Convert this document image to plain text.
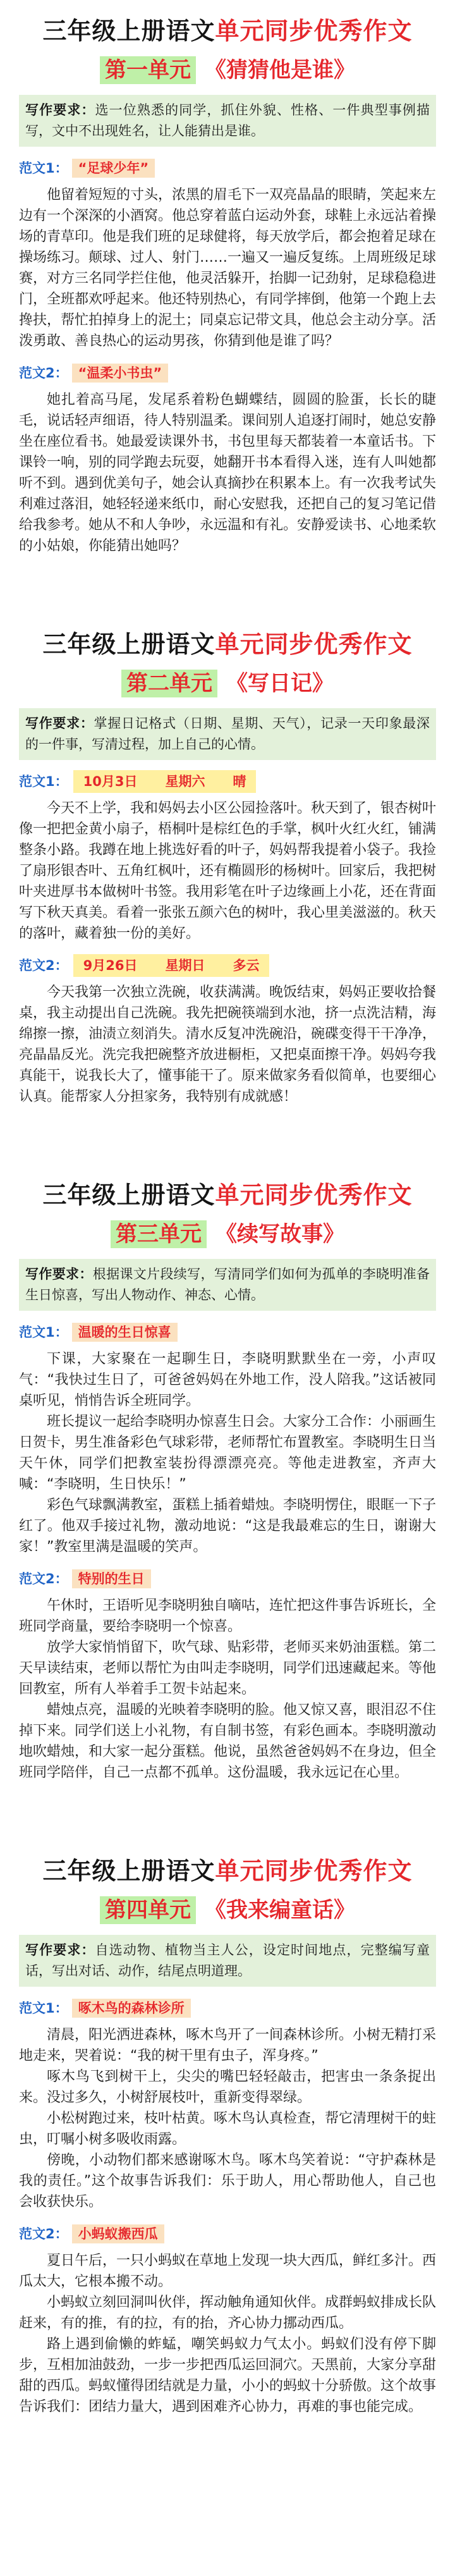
三年级上册语文单元同步优秀作文
第一单元 《猜猜他是谁》
写作要求：选一位熟悉的同学，抓住外貌、性格、一件典型事例描写，文中不出现姓名，让人能猜出是谁。
范文1： “足球少年”

他留着短短的寸头，浓黑的眉毛下一双亮晶晶的眼睛，笑起来左边有一个深深的小酒窝。他总穿着蓝白运动外套，球鞋上永远沾着操场的青草印。他是我们班的足球健将，每天放学后，都会抱着足球在操场练习。颠球、过人、射门……一遍又一遍反复练。上周班级足球赛，对方三名同学拦住他，他灵活躲开，抬脚一记劲射，足球稳稳进门，全班都欢呼起来。他还特别热心，有同学摔倒，他第一个跑上去搀扶，帮忙拍掉身上的泥土；同桌忘记带文具，他总会主动分享。活泼勇敢、善良热心的运动男孩，你猜到他是谁了吗？

范文2： “温柔小书虫”

她扎着高马尾，发尾系着粉色蝴蝶结，圆圆的脸蛋，长长的睫毛，说话轻声细语，待人特别温柔。课间别人追逐打闹时，她总安静坐在座位看书。她最爱读课外书，书包里每天都装着一本童话书。下课铃一响，别的同学跑去玩耍，她翻开书本看得入迷，连有人叫她都听不到。遇到优美句子，她会认真摘抄在积累本上。有一次我考试失利难过落泪，她轻轻递来纸巾，耐心安慰我，还把自己的复习笔记借给我参考。她从不和人争吵，永远温和有礼。安静爱读书、心地柔软的小姑娘，你能猜出她吗？

三年级上册语文单元同步优秀作文
第二单元 《写日记》
写作要求：掌握日记格式（日期、星期、天气），记录一天印象最深的一件事，写清过程，加上自己的心情。
范文1： 10月3日 星期六 晴

今天不上学，我和妈妈去小区公园捡落叶。秋天到了，银杏树叶像一把把金黄小扇子，梧桐叶是棕红色的手掌，枫叶火红火红，铺满整条小路。我蹲在地上挑选好看的叶子，妈妈帮我提着小袋子。我捡了扇形银杏叶、五角红枫叶，还有椭圆形的杨树叶。回家后，我把树叶夹进厚书本做树叶书签。我用彩笔在叶子边缘画上小花，还在背面写下秋天真美。看着一张张五颜六色的树叶，我心里美滋滋的。秋天的落叶，藏着独一份的美好。

范文2： 9月26日 星期日 多云

今天我第一次独立洗碗，收获满满。晚饭结束，妈妈正要收拾餐桌，我主动提出自己洗碗。我先把碗筷端到水池，挤一点洗洁精，海绵擦一擦，油渍立刻消失。清水反复冲洗碗沿，碗碟变得干干净净，亮晶晶反光。洗完我把碗整齐放进橱柜，又把桌面擦干净。妈妈夸我真能干，说我长大了，懂事能干了。原来做家务看似简单，也要细心认真。能帮家人分担家务，我特别有成就感！

三年级上册语文单元同步优秀作文
第三单元 《续写故事》
写作要求：根据课文片段续写，写清同学们如何为孤单的李晓明准备生日惊喜，写出人物动作、神态、心情。
范文1： 温暖的生日惊喜

下课，大家聚在一起聊生日，李晓明默默坐在一旁，小声叹气：“我快过生日了，可爸爸妈妈在外地工作，没人陪我。”这话被同桌听见，悄悄告诉全班同学。

班长提议一起给李晓明办惊喜生日会。大家分工合作：小丽画生日贺卡，男生准备彩色气球彩带，老师帮忙布置教室。李晓明生日当天午休，同学们把教室装扮得漂漂亮亮。等他走进教室，齐声大喊：“李晓明，生日快乐！”

彩色气球飘满教室，蛋糕上插着蜡烛。李晓明愣住，眼眶一下子红了。他双手接过礼物，激动地说：“这是我最难忘的生日，谢谢大家！”教室里满是温暖的笑声。

范文2： 特别的生日

午休时，王语听见李晓明独自嘀咕，连忙把这件事告诉班长，全班同学商量，要给李晓明一个惊喜。

放学大家悄悄留下，吹气球、贴彩带，老师买来奶油蛋糕。第二天早读结束，老师以帮忙为由叫走李晓明，同学们迅速藏起来。等他回教室，所有人举着手工贺卡站起来。

蜡烛点亮，温暖的光映着李晓明的脸。他又惊又喜，眼泪忍不住掉下来。同学们送上小礼物，有自制书签，有彩色画本。李晓明激动地吹蜡烛，和大家一起分蛋糕。他说，虽然爸爸妈妈不在身边，但全班同学陪伴，自己一点都不孤单。这份温暖，我永远记在心里。

三年级上册语文单元同步优秀作文
第四单元 《我来编童话》
写作要求：自选动物、植物当主人公，设定时间地点，完整编写童话，写出对话、动作，结尾点明道理。
范文1： 啄木鸟的森林诊所

清晨，阳光洒进森林，啄木鸟开了一间森林诊所。小树无精打采地走来，哭着说：“我的树干里有虫子，浑身疼。”

啄木鸟飞到树干上，尖尖的嘴巴轻轻敲击，把害虫一条条捉出来。没过多久，小树舒展枝叶，重新变得翠绿。

小松树跑过来，枝叶枯黄。啄木鸟认真检查，帮它清理树干的蛀虫，叮嘱小树多吸收雨露。

傍晚，小动物们都来感谢啄木鸟。啄木鸟笑着说：“守护森林是我的责任。”这个故事告诉我们：乐于助人，用心帮助他人，自己也会收获快乐。

范文2： 小蚂蚁搬西瓜

夏日午后，一只小蚂蚁在草地上发现一块大西瓜，鲜红多汁。西瓜太大，它根本搬不动。

小蚂蚁立刻回洞叫伙伴，挥动触角通知伙伴。成群蚂蚁排成长队赶来，有的推，有的拉，有的抬，齐心协力挪动西瓜。

路上遇到偷懒的蚱蜢，嘲笑蚂蚁力气太小。蚂蚁们没有停下脚步，互相加油鼓劲，一步一步把西瓜运回洞穴。天黑前，大家分享甜甜的西瓜。蚂蚁懂得团结就是力量，小小的蚂蚁十分骄傲。这个故事告诉我们：团结力量大，遇到困难齐心协力，再难的事也能完成。
